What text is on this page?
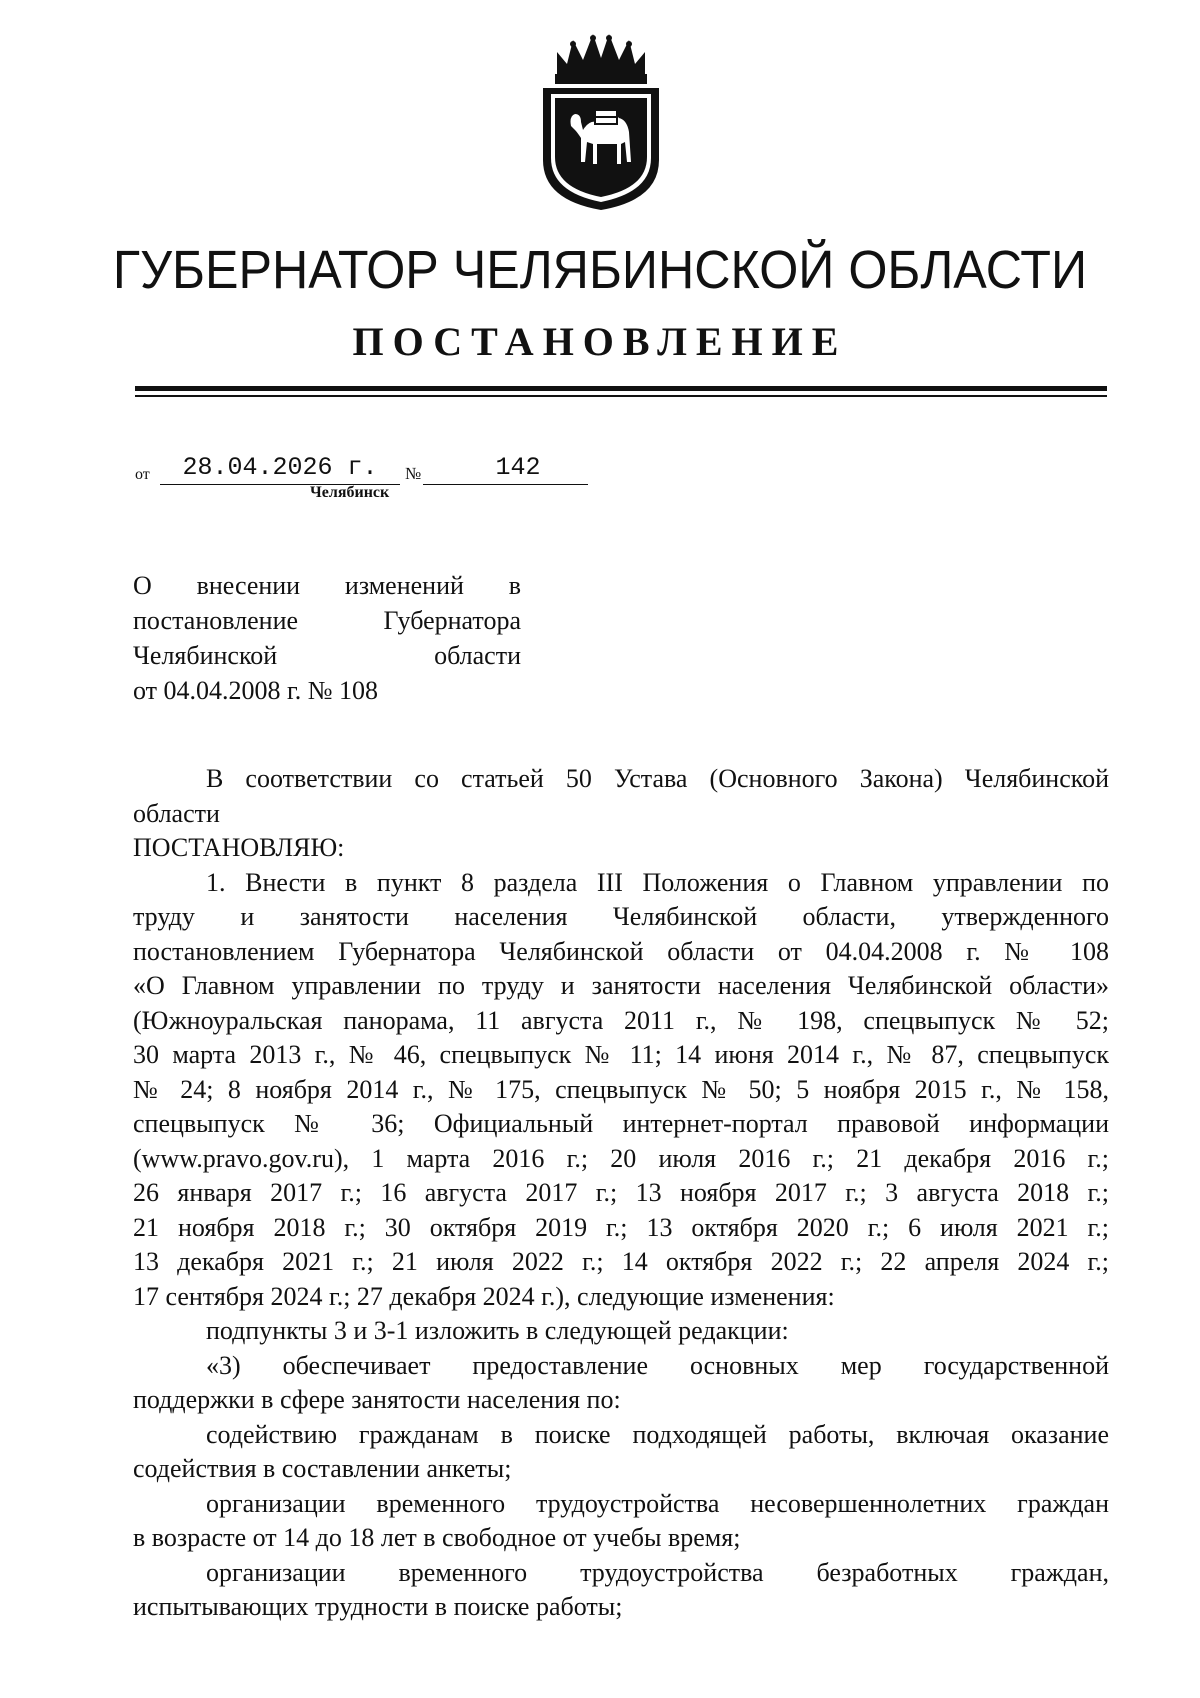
ГУБЕРНАТОР ЧЕЛЯБИНСКОЙ ОБЛАСТИ
ПОСТАНОВЛЕНИЕ
от	28.04.2026 г.	№	142
Челябинск
О внесении изменений в
постановление Губернатора
Челябинской области
от 04.04.2008 г. № 108
В соответствии со статьей 50 Устава (Основного Закона) Челябинской
области
ПОСТАНОВЛЯЮ:
1. Внести в пункт 8 раздела III Положения о Главном управлении по
труду и занятости населения Челябинской области, утвержденного
постановлением Губернатора Челябинской области от 04.04.2008 г. № 108
«О Главном управлении по труду и занятости населения Челябинской области»
(Южноуральская панорама, 11 августа 2011 г., № 198, спецвыпуск № 52;
30 марта 2013 г., № 46, спецвыпуск № 11; 14 июня 2014 г., № 87, спецвыпуск
№ 24; 8 ноября 2014 г., № 175, спецвыпуск № 50; 5 ноября 2015 г., № 158,
спецвыпуск № 36; Официальный интернет-портал правовой информации
(www.pravo.gov.ru), 1 марта 2016 г.; 20 июля 2016 г.; 21 декабря 2016 г.;
26 января 2017 г.; 16 августа 2017 г.; 13 ноября 2017 г.; 3 августа 2018 г.;
21 ноября 2018 г.; 30 октября 2019 г.; 13 октября 2020 г.; 6 июля 2021 г.;
13 декабря 2021 г.; 21 июля 2022 г.; 14 октября 2022 г.; 22 апреля 2024 г.;
17 сентября 2024 г.; 27 декабря 2024 г.), следующие изменения:
подпункты 3 и 3-1 изложить в следующей редакции:
«3) обеспечивает предоставление основных мер государственной
поддержки в сфере занятости населения по:
содействию гражданам в поиске подходящей работы, включая оказание
содействия в составлении анкеты;
организации временного трудоустройства несовершеннолетних граждан
в возрасте от 14 до 18 лет в свободное от учебы время;
организации временного трудоустройства безработных граждан,
испытывающих трудности в поиске работы;
